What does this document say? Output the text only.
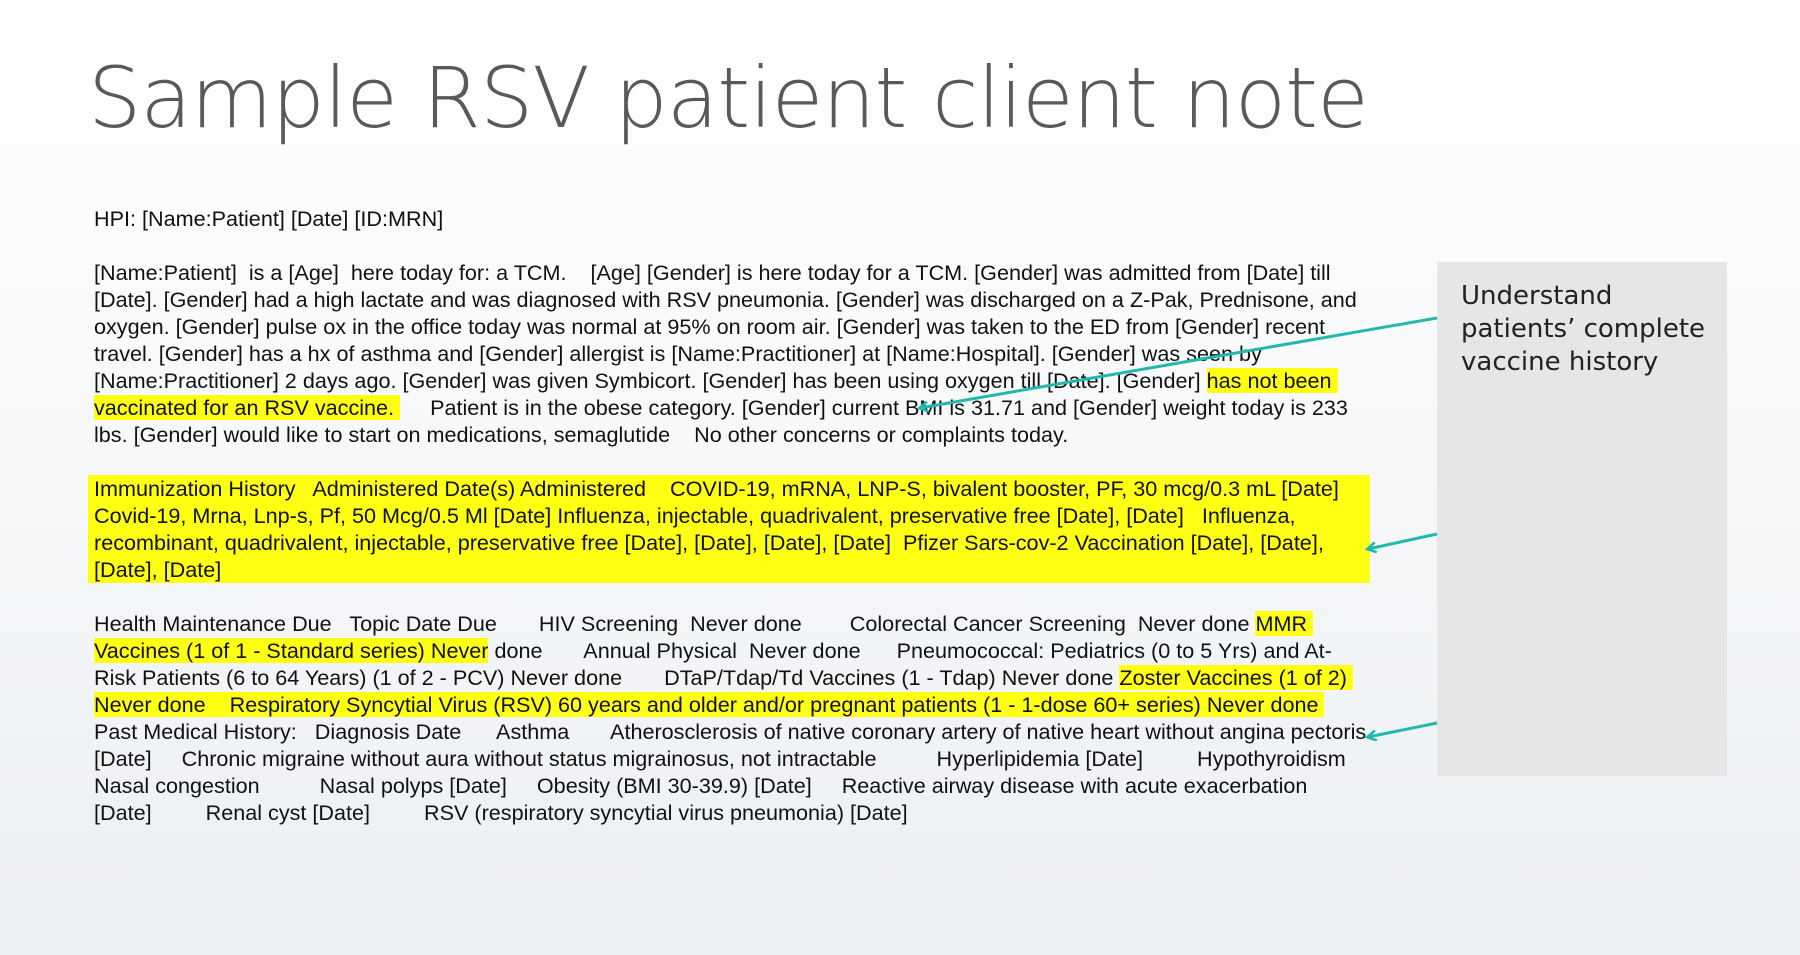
Sample RSV patient client note

HPI: [Name:Patient] [Date] [ID:MRN]

[Name:Patient]  is a [Age]  here today for: a TCM.    [Age] [Gender] is here today for a TCM. [Gender] was admitted from [Date] till [Date]. [Gender] had a high lactate and was diagnosed with RSV pneumonia. [Gender] was discharged on a Z-Pak, Prednisone, and oxygen. [Gender] pulse ox in the office today was normal at 95% on room air. [Gender] was taken to the ED from [Gender] recent travel. [Gender] has a hx of asthma and [Gender] allergist is [Name:Practitioner] at [Name:Hospital]. [Gender] was seen by [Name:Practitioner] 2 days ago. [Gender] was given Symbicort. [Gender] has been using oxygen till [Date]. [Gender] has not been vaccinated for an RSV vaccine.      Patient is in the obese category. [Gender] current BMI is 31.71 and [Gender] weight today is 233 lbs. [Gender] would like to start on medications, semaglutide    No other concerns or complaints today.

Immunization History   Administered Date(s) Administered    COVID-19, mRNA, LNP-S, bivalent booster, PF, 30 mcg/0.3 mL [Date]   Covid-19, Mrna, Lnp-s, Pf, 50 Mcg/0.5 Ml [Date] Influenza, injectable, quadrivalent, preservative free [Date], [Date]   Influenza, recombinant, quadrivalent, injectable, preservative free [Date], [Date], [Date], [Date]  Pfizer Sars-cov-2 Vaccination [Date], [Date], [Date], [Date]

Health Maintenance Due   Topic Date Due       HIV Screening  Never done        Colorectal Cancer Screening  Never done MMR Vaccines (1 of 1 - Standard series) Never done       Annual Physical  Never done      Pneumococcal: Pediatrics (0 to 5 Yrs) and At-Risk Patients (6 to 64 Years) (1 of 2 - PCV) Never done       DTaP/Tdap/Td Vaccines (1 - Tdap) Never done Zoster Vaccines (1 of 2) Never done    Respiratory Syncytial Virus (RSV) 60 years and older and/or pregnant patients (1 - 1-dose 60+ series) Never done       Past Medical History:   Diagnosis Date      Asthma       Atherosclerosis of native coronary artery of native heart without angina pectoris [Date]     Chronic migraine without aura without status migrainosus, not intractable          Hyperlipidemia [Date]         Hypothyroidism          Nasal congestion          Nasal polyps [Date]     Obesity (BMI 30-39.9) [Date]     Reactive airway disease with acute exacerbation [Date]         Renal cyst [Date]         RSV (respiratory syncytial virus pneumonia) [Date]

Understand patients’ complete vaccine history
